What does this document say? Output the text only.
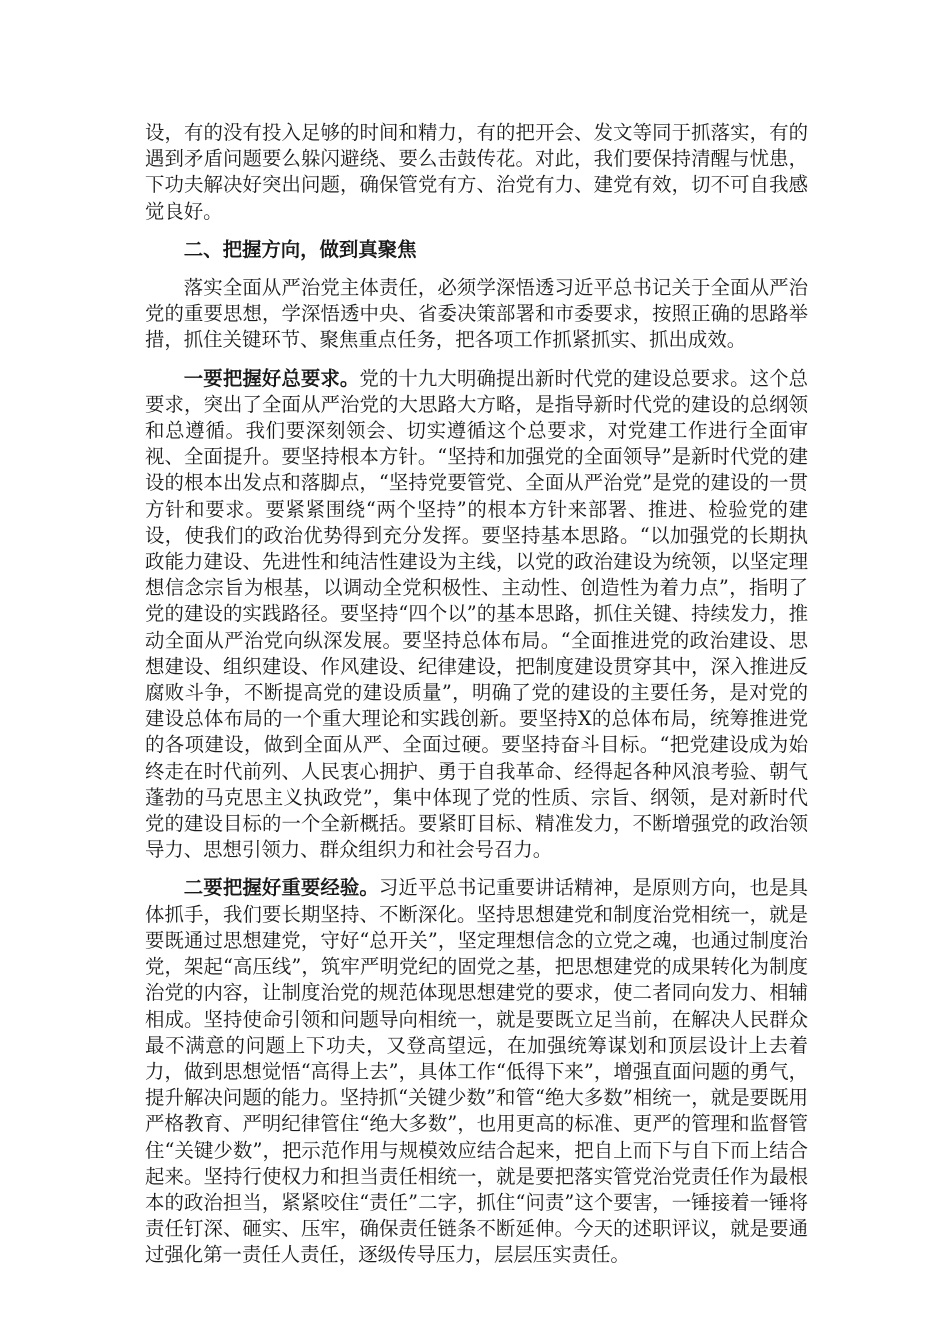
设，有的没有投入足够的时间和精力，有的把开会、发文等同于抓落实，有的遇到矛盾问题要么躲闪避绕、要么击鼓传花。对此，我们要保持清醒与忧患，下功夫解决好突出问题，确保管党有方、治党有力、建党有效，切不可自我感觉良好。

二、把握方向，做到真聚焦

落实全面从严治党主体责任，必须学深悟透习近平总书记关于全面从严治党的重要思想，学深悟透中央、省委决策部署和市委要求，按照正确的思路举措，抓住关键环节、聚焦重点任务，把各项工作抓紧抓实、抓出成效。

一要把握好总要求。党的十九大明确提出新时代党的建设总要求。这个总要求，突出了全面从严治党的大思路大方略，是指导新时代党的建设的总纲领和总遵循。我们要深刻领会、切实遵循这个总要求，对党建工作进行全面审视、全面提升。要坚持根本方针。“坚持和加强党的全面领导”是新时代党的建设的根本出发点和落脚点，“坚持党要管党、全面从严治党”是党的建设的一贯方针和要求。要紧紧围绕“两个坚持”的根本方针来部署、推进、检验党的建设，使我们的政治优势得到充分发挥。要坚持基本思路。“以加强党的长期执政能力建设、先进性和纯洁性建设为主线，以党的政治建设为统领，以坚定理想信念宗旨为根基，以调动全党积极性、主动性、创造性为着力点”，指明了党的建设的实践路径。要坚持“四个以”的基本思路，抓住关键、持续发力，推动全面从严治党向纵深发展。要坚持总体布局。“全面推进党的政治建设、思想建设、组织建设、作风建设、纪律建设，把制度建设贯穿其中，深入推进反腐败斗争，不断提高党的建设质量”，明确了党的建设的主要任务，是对党的建设总体布局的一个重大理论和实践创新。要坚持X的总体布局，统筹推进党的各项建设，做到全面从严、全面过硬。要坚持奋斗目标。“把党建设成为始终走在时代前列、人民衷心拥护、勇于自我革命、经得起各种风浪考验、朝气蓬勃的马克思主义执政党”，集中体现了党的性质、宗旨、纲领，是对新时代党的建设目标的一个全新概括。要紧盯目标、精准发力，不断增强党的政治领导力、思想引领力、群众组织力和社会号召力。

二要把握好重要经验。习近平总书记重要讲话精神，是原则方向，也是具体抓手，我们要长期坚持、不断深化。坚持思想建党和制度治党相统一，就是要既通过思想建党，守好“总开关”，坚定理想信念的立党之魂，也通过制度治党，架起“高压线”，筑牢严明党纪的固党之基，把思想建党的成果转化为制度治党的内容，让制度治党的规范体现思想建党的要求，使二者同向发力、相辅相成。坚持使命引领和问题导向相统一，就是要既立足当前，在解决人民群众最不满意的问题上下功夫，又登高望远，在加强统筹谋划和顶层设计上去着力，做到思想觉悟“高得上去”，具体工作“低得下来”，增强直面问题的勇气，提升解决问题的能力。坚持抓“关键少数”和管“绝大多数”相统一，就是要既用严格教育、严明纪律管住“绝大多数”，也用更高的标准、更严的管理和监督管住“关键少数”，把示范作用与规模效应结合起来，把自上而下与自下而上结合起来。坚持行使权力和担当责任相统一，就是要把落实管党治党责任作为最根本的政治担当，紧紧咬住“责任”二字，抓住“问责”这个要害，一锤接着一锤将责任钉深、砸实、压牢，确保责任链条不断延伸。今天的述职评议，就是要通过强化第一责任人责任，逐级传导压力，层层压实责任。
